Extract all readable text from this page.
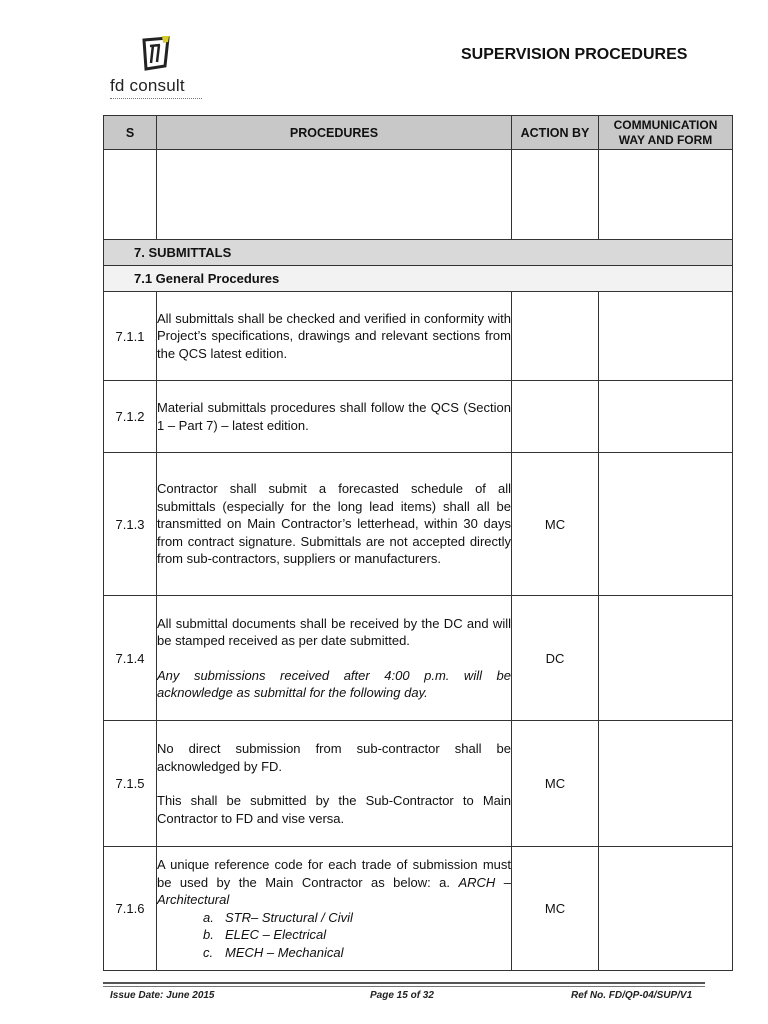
fd consult
SUPERVISION PROCEDURES
S	PROCEDURES	ACTION BY	COMMUNICATION WAY AND FORM

7. SUBMITTALS			
7.1 General Procedures			
7.1.1	All submittals shall be checked and verified in conformity with Project’s specifications, drawings and relevant sections from the QCS latest edition.		

7.1.2	Material submittals procedures shall follow the QCS (Section 1 – Part 7) – latest edition.		

7.1.3	Contractor shall submit a forecasted schedule of all submittals (especially for the long lead items) shall all be transmitted on Main Contractor’s letterhead, within 30 days from contract signature. Submittals are not accepted directly from sub-contractors, suppliers or manufacturers.	MC	
7.1.4	All submittal documents shall be received by the DC and will be stamped received as per date submitted.

Any submissions received after 4:00 p.m. will be acknowledge as submittal for the following day.	DC	
7.1.5	No direct submission from sub-contractor shall be acknowledged by FD.

This shall be submitted by the Sub-Contractor to Main Contractor to FD and vise versa.	MC	
7.1.6	A unique reference code for each trade of submission must be used by the Main Contractor as below: a. ARCH – Architectural

a. STR– Structural / Civil
b. ELEC – Electrical
c. MECH – Mechanical	MC	
Issue Date: June 2015	Page 15 of 32	Ref No. FD/QP-04/SUP/V1
